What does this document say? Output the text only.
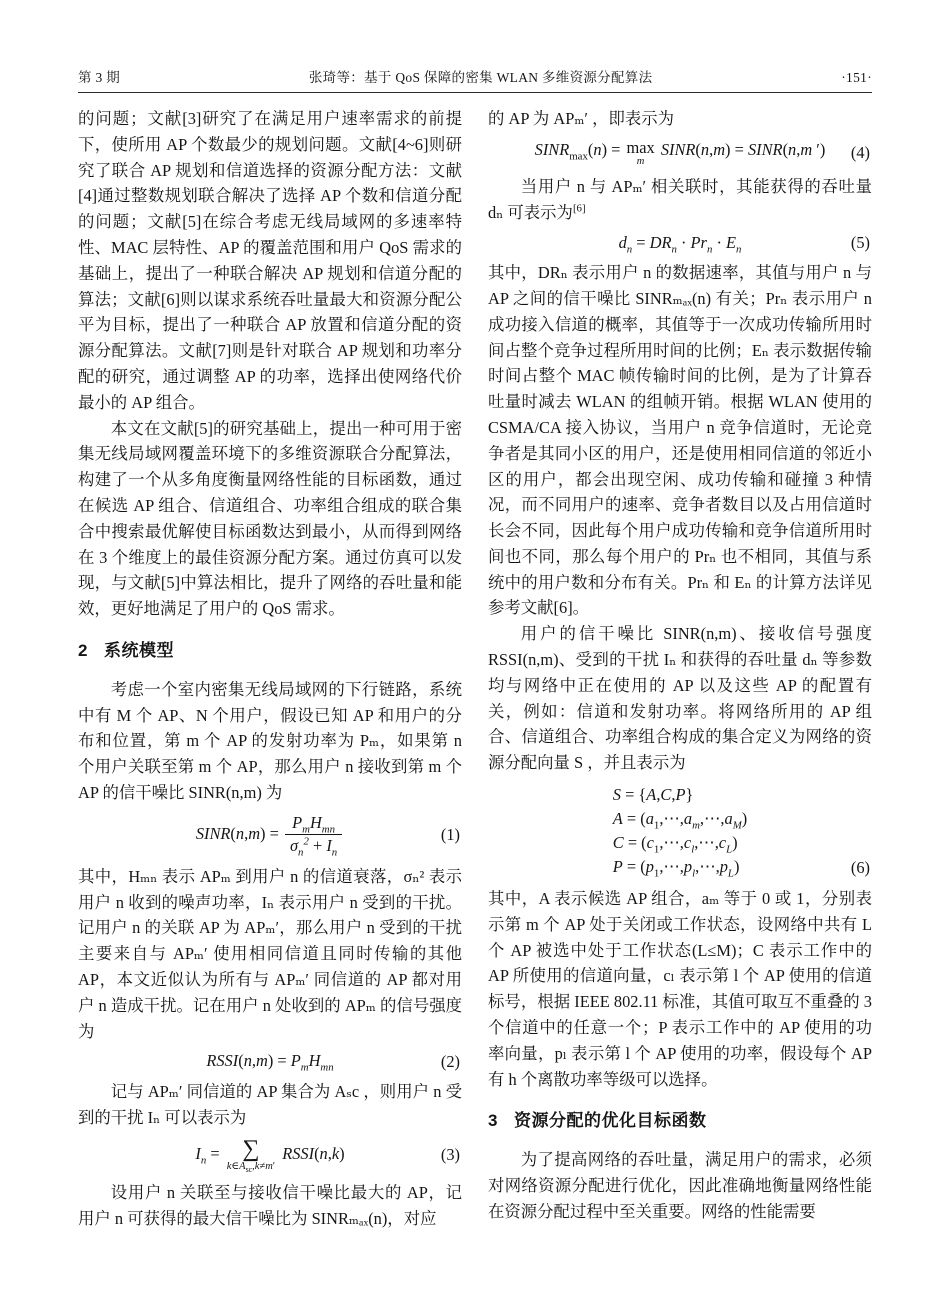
第 3 期	张琦等：基于 QoS 保障的密集 WLAN 多维资源分配算法	·151·

的问题；文献[3]研究了在满足用户速率需求的前提下，使所用 AP 个数最少的规划问题。文献[4~6]则研究了联合 AP 规划和信道选择的资源分配方法：文献[4]通过整数规划联合解决了选择 AP 个数和信道分配的问题；文献[5]在综合考虑无线局域网的多速率特性、MAC 层特性、AP 的覆盖范围和用户 QoS 需求的基础上，提出了一种联合解决 AP 规划和信道分配的算法；文献[6]则以谋求系统吞吐量最大和资源分配公平为目标，提出了一种联合 AP 放置和信道分配的资源分配算法。文献[7]则是针对联合 AP 规划和功率分配的研究，通过调整 AP 的功率，选择出使网络代价最小的 AP 组合。

本文在文献[5]的研究基础上，提出一种可用于密集无线局域网覆盖环境下的多维资源联合分配算法，构建了一个从多角度衡量网络性能的目标函数，通过在候选 AP 组合、信道组合、功率组合组成的联合集合中搜索最优解使目标函数达到最小，从而得到网络在 3 个维度上的最佳资源分配方案。通过仿真可以发现，与文献[5]中算法相比，提升了网络的吞吐量和能效，更好地满足了用户的 QoS 需求。

2 系统模型

考虑一个室内密集无线局域网的下行链路，系统中有 M 个 AP、N 个用户，假设已知 AP 和用户的分布和位置，第 m 个 AP 的发射功率为 Pₘ，如果第 n 个用户关联至第 m 个 AP，那么用户 n 接收到第 m 个 AP 的信干噪比 SINR(n,m) 为

SINR(n,m) = $\frac{P_mH_{mn}}{\sigma_n^2 + I_n}$	(1)

其中，Hₘₙ 表示 APₘ 到用户 n 的信道衰落，σₙ² 表示用户 n 收到的噪声功率，Iₙ 表示用户 n 受到的干扰。记用户 n 的关联 AP 为 APₘ′，那么用户 n 受到的干扰主要来自与 APₘ′ 使用相同信道且同时传输的其他 AP，本文近似认为所有与 APₘ′ 同信道的 AP 都对用户 n 造成干扰。记在用户 n 处收到的 APₘ 的信号强度为

RSSI(n,m) = $P_mH_{mn}$	(2)

记与 APₘ′ 同信道的 AP 集合为 Aₛc ，则用户 n 受到的干扰 Iₙ 可以表示为

$I_n$ = ∑
$k\in A_{sc},k\ne m'$
RSSI(n,k)	(3)

设用户 n 关联至与接收信干噪比最大的 AP，记用户 n 可获得的最大信干噪比为 SINRₘₐₓ(n)，对应

的 AP 为 APₘ′ ，即表示为

$SINR_{max}(n) = \max$
m
SINR(n,m) = SINR(n,m ′) (4)

当用户 n 与 APₘ′ 相关联时，其能获得的吞吐量 dₙ 可表示为[6]

$d_n = DR_n \cdot Pr_n \cdot E_n$	(5)

其中，DRₙ 表示用户 n 的数据速率，其值与用户 n 与 AP 之间的信干噪比 SINRₘₐₓ(n) 有关；Prₙ 表示用户 n 成功接入信道的概率，其值等于一次成功传输所用时间占整个竞争过程所用时间的比例；Eₙ 表示数据传输时间占整个 MAC 帧传输时间的比例，是为了计算吞吐量时减去 WLAN 的组帧开销。根据 WLAN 使用的 CSMA/CA 接入协议，当用户 n 竞争信道时，无论竞争者是其同小区的用户，还是使用相同信道的邻近小区的用户，都会出现空闲、成功传输和碰撞 3 种情况，而不同用户的速率、竞争者数目以及占用信道时长会不同，因此每个用户成功传输和竞争信道所用时间也不同，那么每个用户的 Prₙ 也不相同，其值与系统中的用户数和分布有关。Prₙ 和 Eₙ 的计算方法详见参考文献[6]。

用户的信干噪比 SINR(n,m)、接收信号强度 RSSI(n,m)、受到的干扰 Iₙ 和获得的吞吐量 dₙ 等参数均与网络中正在使用的 AP 以及这些 AP 的配置有关，例如：信道和发射功率。将网络所用的 AP 组合、信道组合、功率组合构成的集合定义为网络的资源分配向量 S ，并且表示为

S = {A,C,P}
$A = (a_1,\cdots,a_m,\cdots,a_M)$
$C = (c_1,\cdots,c_l,\cdots,c_L)$
$P = (p_1,\cdots,p_l,\cdots,p_L)$	(6)

其中，A 表示候选 AP 组合，aₘ 等于 0 或 1，分别表示第 m 个 AP 处于关闭或工作状态，设网络中共有 L 个 AP 被选中处于工作状态(L≤M)；C 表示工作中的 AP 所使用的信道向量，cₗ 表示第 l 个 AP 使用的信道标号，根据 IEEE 802.11 标准，其值可取互不重叠的 3 个信道中的任意一个；P 表示工作中的 AP 使用的功率向量，pₗ 表示第 l 个 AP 使用的功率，假设每个 AP 有 h 个离散功率等级可以选择。

3 资源分配的优化目标函数

为了提高网络的吞吐量，满足用户的需求，必须对网络资源分配进行优化，因此准确地衡量网络性能在资源分配过程中至关重要。网络的性能需要
